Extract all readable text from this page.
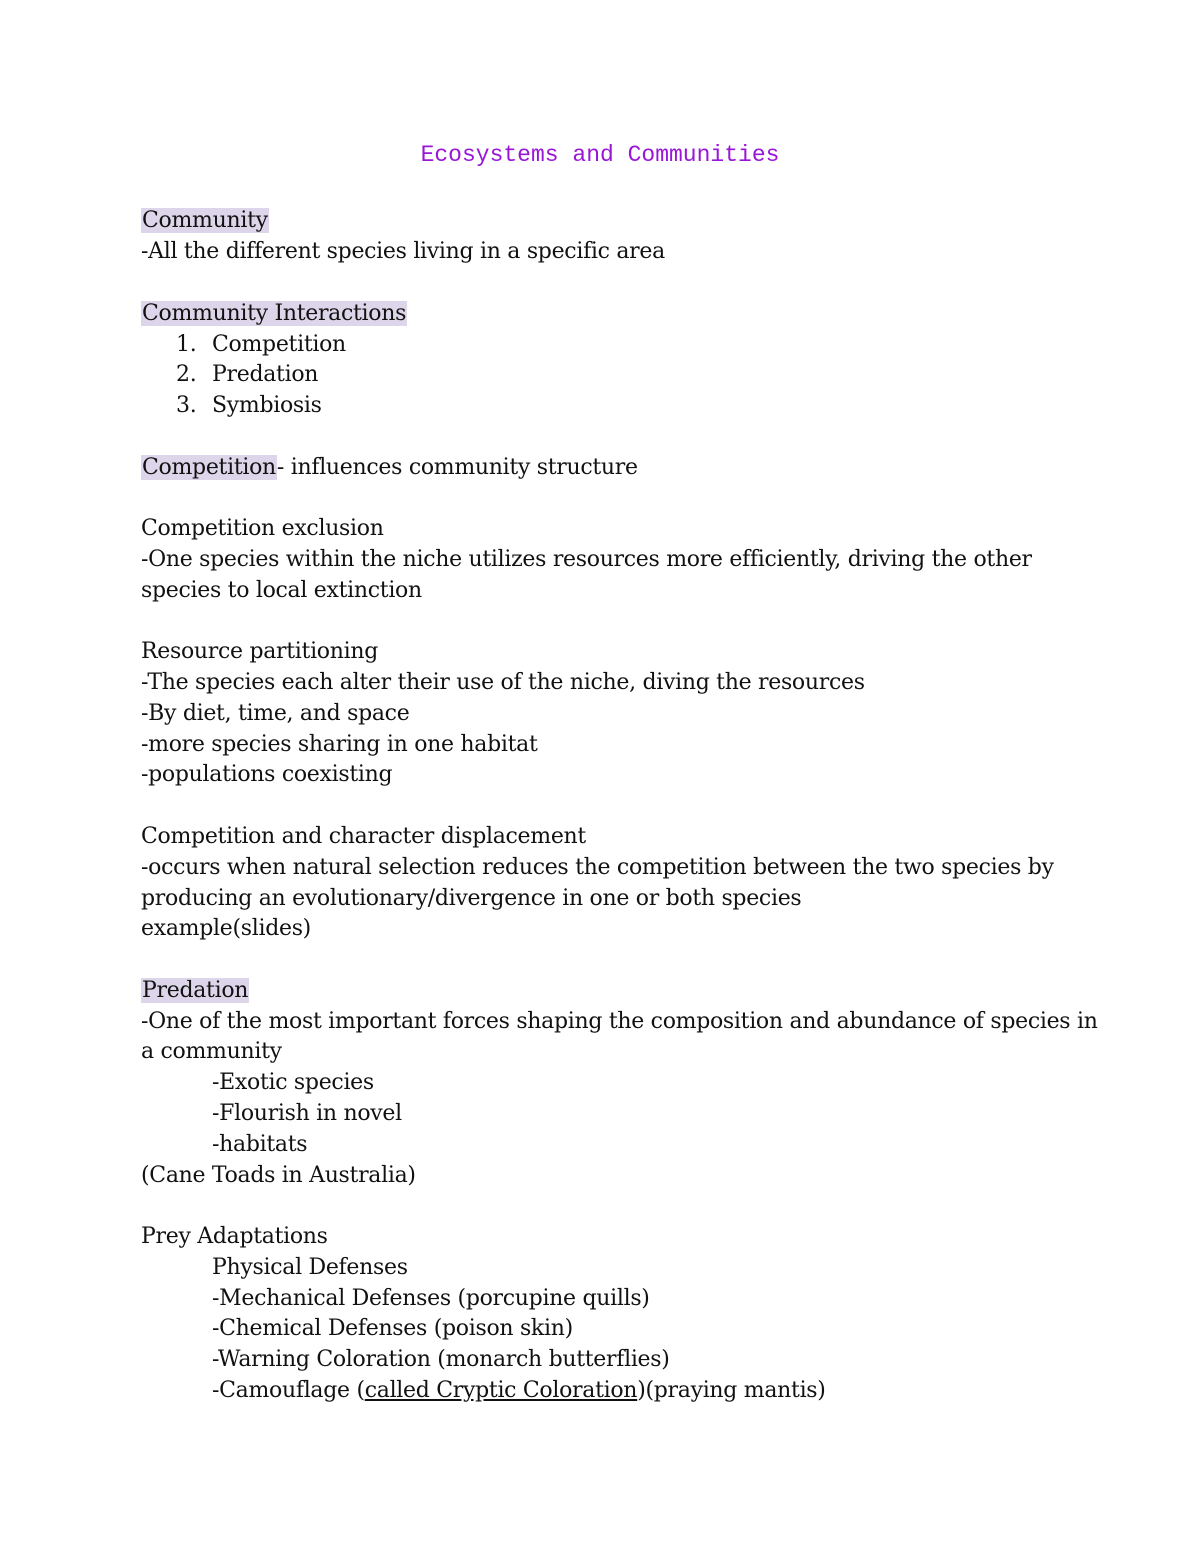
Ecosystems and Communities
Community
-All the different species living in a specific area
Community Interactions
1. Competition
2. Predation
3. Symbiosis
Competition- influences community structure
Competition exclusion
-One species within the niche utilizes resources more efficiently, driving the other
species to local extinction
Resource partitioning
-The species each alter their use of the niche, diving the resources
-By diet, time, and space
-more species sharing in one habitat
-populations coexisting
Competition and character displacement
-occurs when natural selection reduces the competition between the two species by
producing an evolutionary/divergence in one or both species
example(slides)
Predation
-One of the most important forces shaping the composition and abundance of species in
a community
-Exotic species
-Flourish in novel
-habitats
(Cane Toads in Australia)
Prey Adaptations
Physical Defenses
-Mechanical Defenses (porcupine quills)
-Chemical Defenses (poison skin)
-Warning Coloration (monarch butterflies)
-Camouflage (called Cryptic Coloration)(praying mantis)
